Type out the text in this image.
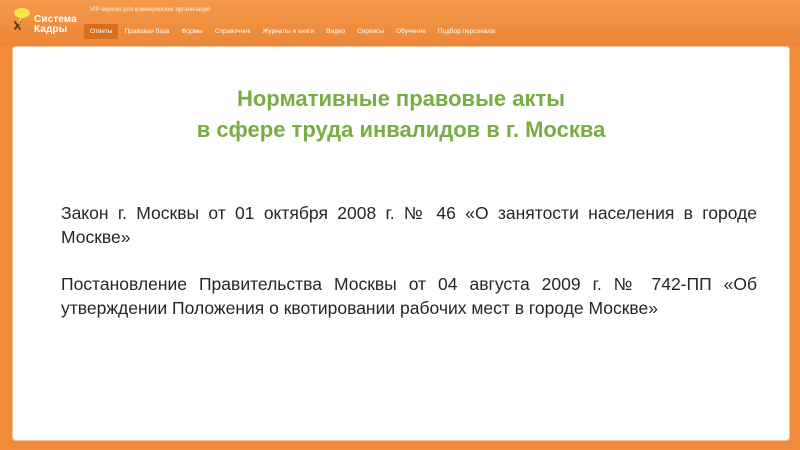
Система
Кадры
VIP-версия для коммерческих организаций
Ответы	Правовая база	Формы	Справочник	Журналы и книги	Видео	Сервисы	Обучение	Подбор персонала
Нормативные правовые акты
в сфере труда инвалидов в г. Москва

Закон г. Москвы от 01 октября 2008 г. № 46 «О занятости населения в городе Москве»

Постановление Правительства Москвы от 04 августа 2009 г. № 742-ПП «Об утверждении Положения о квотировании рабочих мест в городе Москве»
